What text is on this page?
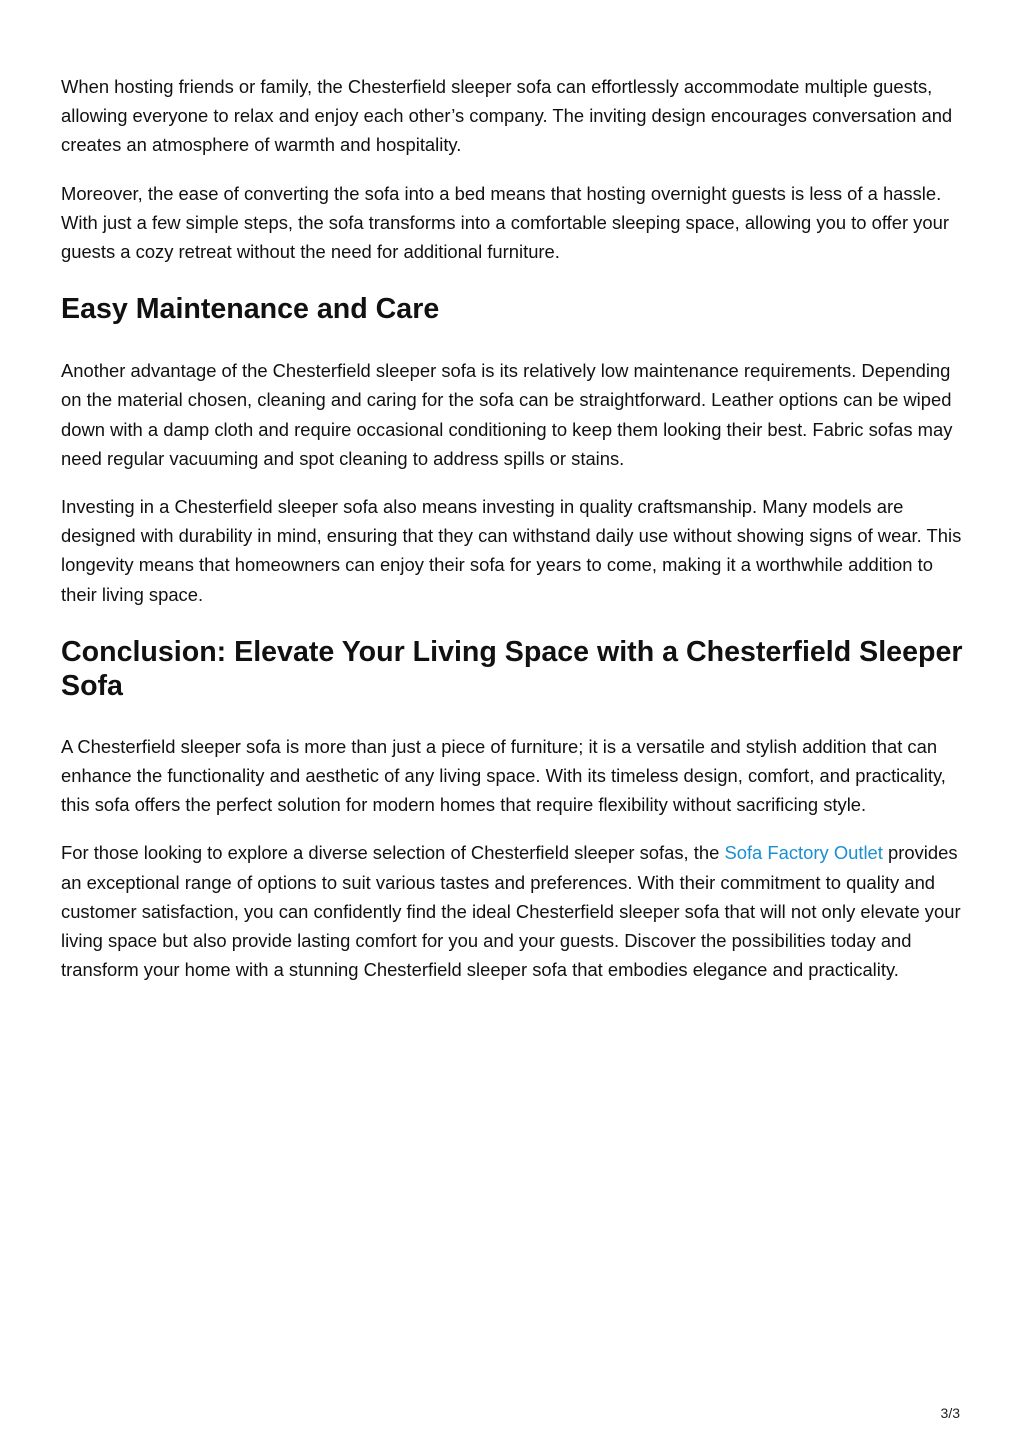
When hosting friends or family, the Chesterfield sleeper sofa can effortlessly accommodate multiple guests, allowing everyone to relax and enjoy each other’s company. The inviting design encourages conversation and creates an atmosphere of warmth and hospitality.

Moreover, the ease of converting the sofa into a bed means that hosting overnight guests is less of a hassle. With just a few simple steps, the sofa transforms into a comfortable sleeping space, allowing you to offer your guests a cozy retreat without the need for additional furniture.

Easy Maintenance and Care

Another advantage of the Chesterfield sleeper sofa is its relatively low maintenance requirements. Depending on the material chosen, cleaning and caring for the sofa can be straightforward. Leather options can be wiped down with a damp cloth and require occasional conditioning to keep them looking their best. Fabric sofas may need regular vacuuming and spot cleaning to address spills or stains.

Investing in a Chesterfield sleeper sofa also means investing in quality craftsmanship. Many models are designed with durability in mind, ensuring that they can withstand daily use without showing signs of wear. This longevity means that homeowners can enjoy their sofa for years to come, making it a worthwhile addition to their living space.

Conclusion: Elevate Your Living Space with a Chesterfield Sleeper Sofa

A Chesterfield sleeper sofa is more than just a piece of furniture; it is a versatile and stylish addition that can enhance the functionality and aesthetic of any living space. With its timeless design, comfort, and practicality, this sofa offers the perfect solution for modern homes that require flexibility without sacrificing style.

For those looking to explore a diverse selection of Chesterfield sleeper sofas, the Sofa Factory Outlet provides an exceptional range of options to suit various tastes and preferences. With their commitment to quality and customer satisfaction, you can confidently find the ideal Chesterfield sleeper sofa that will not only elevate your living space but also provide lasting comfort for you and your guests. Discover the possibilities today and transform your home with a stunning Chesterfield sleeper sofa that embodies elegance and practicality.

3/3
